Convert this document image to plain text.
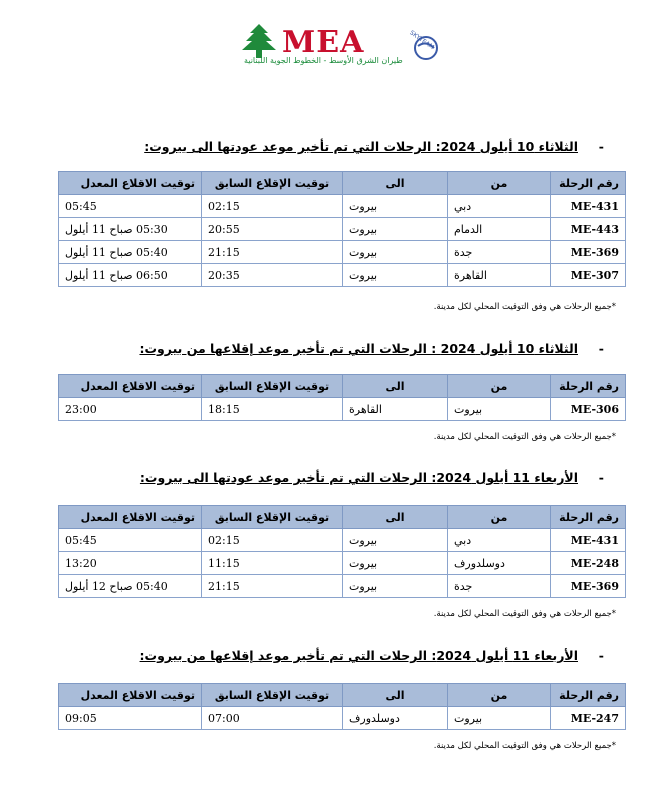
MEA
طيران الشرق الأوسط - الخطوط الجوية اللبنانية
SKYTEAM
-الثلاثاء 10 أيلول 2024: الرحلات التي تم تأخير موعد عودتها الى بيروت:
رقم الرحلة	من	الى	توقيت الإقلاع السابق	توقيت الاقلاع المعدل
ME-431	دبي	بيروت	02:15	05:45
ME-443	الدمام	بيروت	20:55	05:30 صباح 11 أيلول
ME-369	جدة	بيروت	21:15	05:40 صباح 11 أيلول
ME-307	القاهرة	بيروت	20:35	06:50 صباح 11 أيلول
*جميع الرحلات هي وفق التوقيت المحلي لكل مدينة.
-الثلاثاء 10 أيلول 2024 : الرحلات التي تم تأخير موعد إقلاعها من بيروت:
رقم الرحلة	من	الى	توقيت الإقلاع السابق	توقيت الاقلاع المعدل
ME-306	بيروت	القاهرة	18:15	23:00
*جميع الرحلات هي وفق التوقيت المحلي لكل مدينة.
-الأربعاء 11 أيلول 2024: الرحلات التي تم تأخير موعد عودتها الى بيروت:
رقم الرحلة	من	الى	توقيت الإقلاع السابق	توقيت الاقلاع المعدل
ME-431	دبي	بيروت	02:15	05:45
ME-248	دوسلدورف	بيروت	11:15	13:20
ME-369	جدة	بيروت	21:15	05:40 صباح 12 أيلول
*جميع الرحلات هي وفق التوقيت المحلي لكل مدينة.
-الأربعاء 11 أيلول 2024: الرحلات التي تم تأخير موعد إقلاعها من بيروت:
رقم الرحلة	من	الى	توقيت الإقلاع السابق	توقيت الاقلاع المعدل
ME-247	بيروت	دوسلدورف	07:00	09:05
*جميع الرحلات هي وفق التوقيت المحلي لكل مدينة.
